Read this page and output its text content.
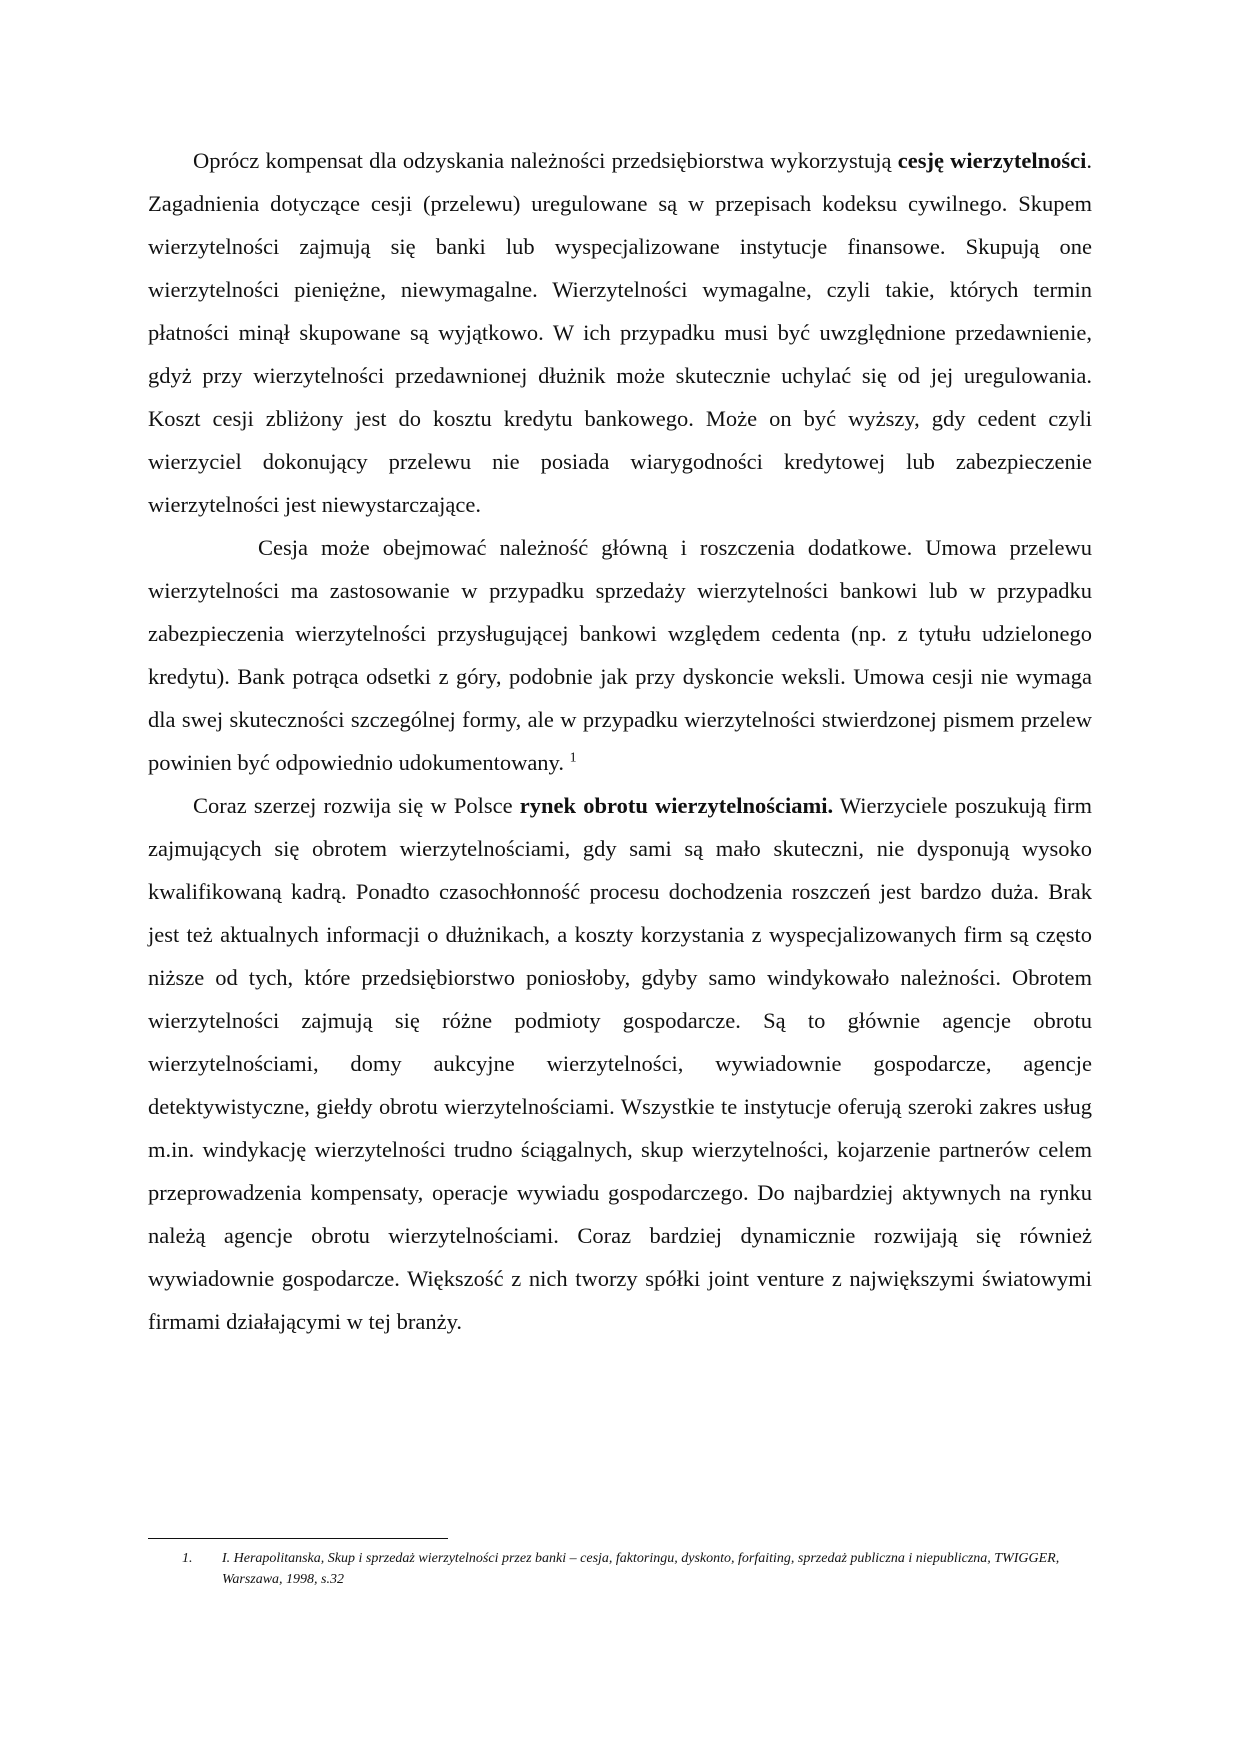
Oprócz kompensat dla odzyskania należności przedsiębiorstwa wykorzystują cesję wierzytelności. Zagadnienia dotyczące cesji (przelewu) uregulowane są w przepisach kodeksu cywilnego. Skupem wierzytelności zajmują się banki lub wyspecjalizowane instytucje finansowe. Skupują one wierzytelności pieniężne, niewymagalne. Wierzytelności wymagalne, czyli takie, których termin płatności minął skupowane są wyjątkowo. W ich przypadku musi być uwzględnione przedawnienie, gdyż przy wierzytelności przedawnionej dłużnik może skutecznie uchylać się od jej uregulowania. Koszt cesji zbliżony jest do kosztu kredytu bankowego. Może on być wyższy, gdy cedent czyli wierzyciel dokonujący przelewu nie posiada wiarygodności kredytowej lub zabezpieczenie wierzytelności jest niewystarczające.

Cesja może obejmować należność główną i roszczenia dodatkowe. Umowa przelewu wierzytelności ma zastosowanie w przypadku sprzedaży wierzytelności bankowi lub w przypadku zabezpieczenia wierzytelności przysługującej bankowi względem cedenta (np. z tytułu udzielonego kredytu). Bank potrąca odsetki z góry, podobnie jak przy dyskoncie weksli. Umowa cesji nie wymaga dla swej skuteczności szczególnej formy, ale w przypadku wierzytelności stwierdzonej pismem przelew powinien być odpowiednio udokumentowany. $^1$

Coraz szerzej rozwija się w Polsce rynek obrotu wierzytelnościami. Wierzyciele poszukują firm zajmujących się obrotem wierzytelnościami, gdy sami są mało skuteczni, nie dysponują wysoko kwalifikowaną kadrą. Ponadto czasochłonność procesu dochodzenia roszczeń jest bardzo duża. Brak jest też aktualnych informacji o dłużnikach, a koszty korzystania z wyspecjalizowanych firm są często niższe od tych, które przedsiębiorstwo poniosłoby, gdyby samo windykowało należności. Obrotem wierzytelności zajmują się różne podmioty gospodarcze. Są to głównie agencje obrotu wierzytelnościami, domy aukcyjne wierzytelności, wywiadownie gospodarcze, agencje detektywistyczne, giełdy obrotu wierzytelnościami. Wszystkie te instytucje oferują szeroki zakres usług m.in. windykację wierzytelności trudno ściągalnych, skup wierzytelności, kojarzenie partnerów celem przeprowadzenia kompensaty, operacje wywiadu gospodarczego. Do najbardziej aktywnych na rynku należą agencje obrotu wierzytelnościami. Coraz bardziej dynamicznie rozwijają się również wywiadownie gospodarcze. Większość z nich tworzy spółki joint venture z największymi światowymi firmami działającymi w tej branży.

1.	I. Herapolitanska, Skup i sprzedaż wierzytelności przez banki – cesja, faktoringu, dyskonto, forfaiting, sprzedaż publiczna i niepubliczna, TWIGGER, Warszawa, 1998, s.32
